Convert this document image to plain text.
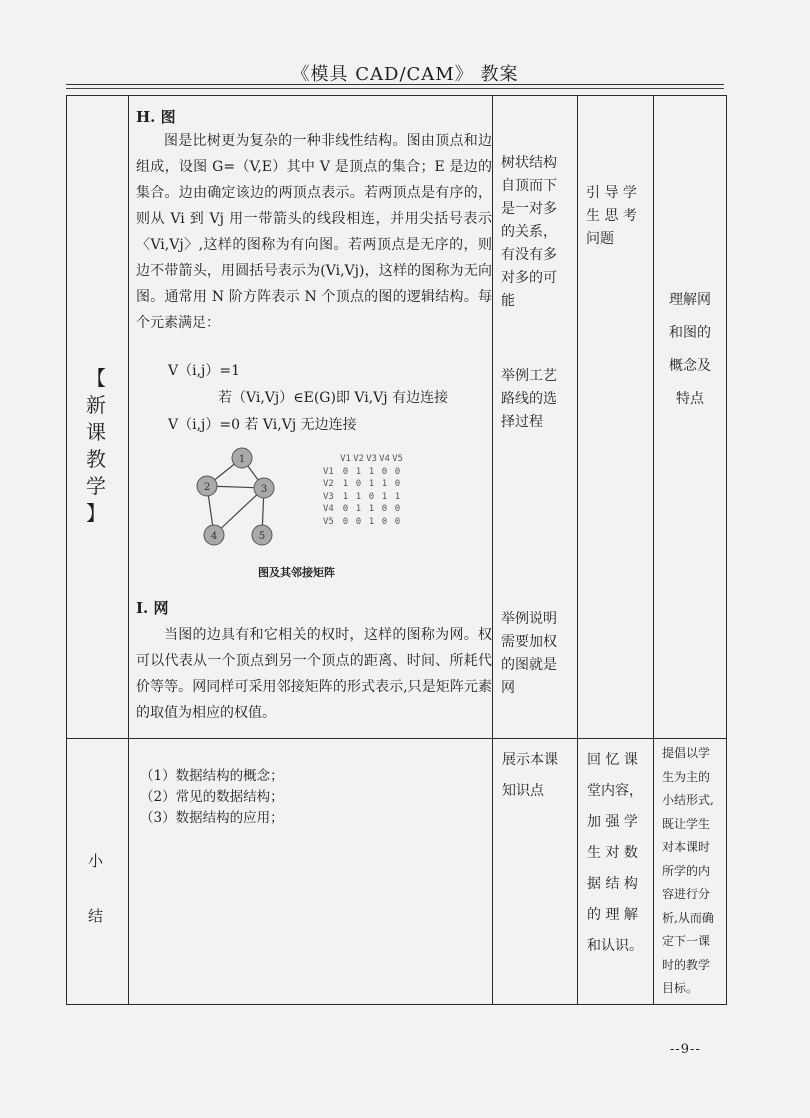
《模具 CAD/CAM》 教案
【
新
课
教
学
】
H. 图

图是比树更为复杂的一种非线性结构。图由顶点和边组成，设图 G=（V,E）其中 V 是顶点的集合；E 是边的集合。边由确定该边的两顶点表示。若两顶点是有序的，则从 Vi 到 Vj 用一带箭头的线段相连，并用尖括号表示〈Vi,Vj〉,这样的图称为有向图。若两顶点是无序的，则边不带箭头，用圆括号表示为(Vi,Vj)，这样的图称为无向图。通常用 N 阶方阵表示 N 个顶点的图的逻辑结构。每个元素满足：

V（i,j）=1
若（Vi,Vj）∈E(G)即 Vi,Vj 有边连接
V（i,j）=0 若 Vi,Vj 无边连接
1
2	3
4	5
V1 V2 V3 V4 V5
V1 0 1 1 0 0
V2 1 0 1 1 0
V3 1 1 0 1 1
V4 0 1 1 0 0
V5 0 0 1 0 0
图及其邻接矩阵
I. 网

当图的边具有和它相关的权时，这样的图称为网。权可以代表从一个顶点到另一个顶点的距离、时间、所耗代价等等。网同样可采用邻接矩阵的形式表示,只是矩阵元素的取值为相应的权值。

树状结构
自顶而下
是一对多
的关系，
有没有多
对多的可
能
举例工艺
路线的选
择过程
举例说明
需要加权
的图就是
网
引 导 学
生 思 考
问题
理解网
和图的
概念及
特点
小
结
（1）数据结构的概念；
（2）常见的数据结构；
（3）数据结构的应用；
展示本课
知识点
回 忆 课
堂内容，
加 强 学
生 对 数
据 结 构
的 理 解
和认识。
提倡以学
生为主的
小结形式,
既让学生
对本课时
所学的内
容进行分
析,从而确
定下一课
时的教学
目标。
--9--
